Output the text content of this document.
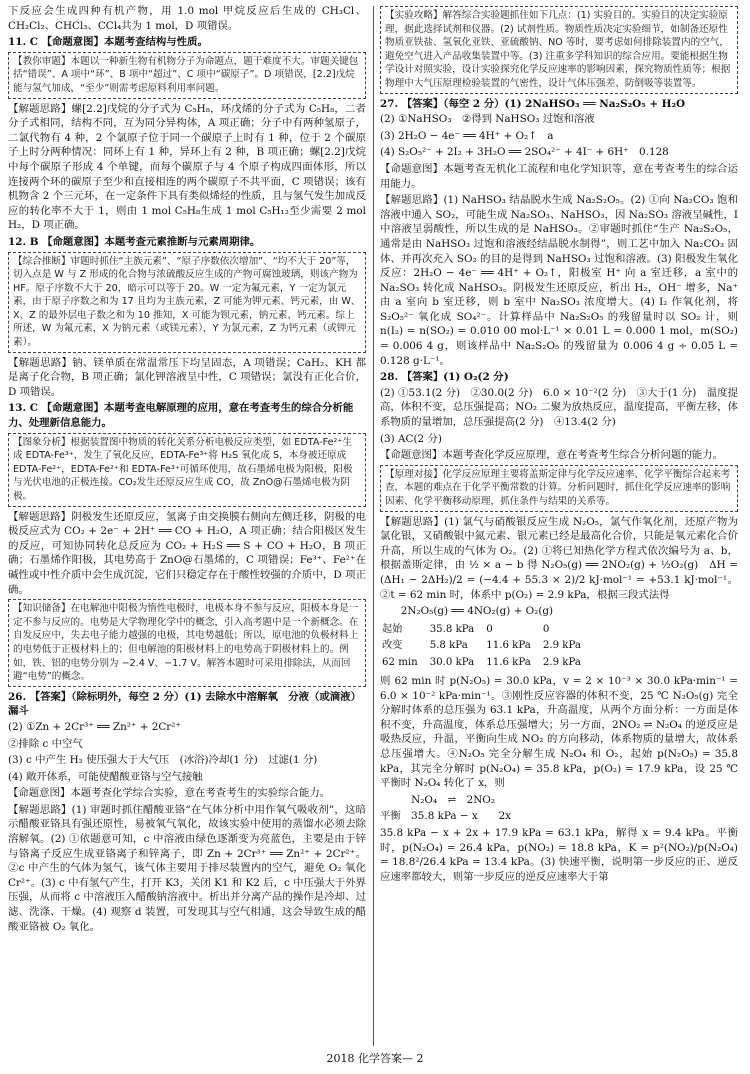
下反应会生成四种有机产物，用 1.0 mol 甲烷反应后生成的 CH₃Cl、CH₂Cl₂、CHCl₃、CCl₄共为 1 mol，D 项错误。
11. C 【命题意图】本题考查结构与性质。
【教你审题】本题以一种新生物有机物分子为命题点，题干难度不大。审题关键包括“错误”、A 项中“环”、B 项中“超过”、C 项中“碳原子”。D 项错误，[2.2]戊烷能与氢气加成，“至少”则需考虑原料利用率问题。
【解题思路】螺[2.2]戊烷的分子式为 C₅H₈，环戊烯的分子式为 C₅H₈，二者分子式相同，结构不同，互为同分异构体，A 项正确；分子中有两种氢原子，二氯代物有 4 种，2 个氯原子位于同一个碳原子上时有 1 种，位于 2 个碳原子上时分两种情况：同环上有 1 种，异环上有 2 种，B 项正确；螺[2.2]戊烷中每个碳原子形成 4 个单键，而每个碳原子与 4 个原子构成四面体形，所以连接两个环的碳原子至少和直接相连的两个碳原子不共平面，C 项错误；该有机物含 2 个三元环，在一定条件下具有类似烯烃的性质，且与氢气发生加成反应的转化率不大于 1，则由 1 mol C₅H₈生成 1 mol C₅H₁₂至少需要 2 mol H₂，D 项正确。
12. B 【命题意图】本题考查元素推断与元素周期律。
【综合推断】审题时抓住“主族元素”、“原子序数依次增加”、“均不大于 20”等，切入点是 W 与 Z 形成的化合物与浓硫酸反应生成的产物可腐蚀玻璃，则该产物为 HF。原子序数不大于 20，暗示可以等于 20。W 一定为氟元素，Y 一定为氯元素，由于原子序数之和为 17 且均为主族元素，Z 可能为钾元素、钙元素，由 W、X、Z 的最外层电子数之和为 10 推知，X 可能为钡元素，钠元素、钙元素。综上所述，W 为氟元素，X 为钠元素（或镁元素），Y 为氯元素，Z 为钙元素（或钾元素）。
【解题思路】钠、镁单质在常温常压下均呈固态，A 项错误；CaH₂、KH 都是离子化合物，B 项正确；氯化钾溶液呈中性，C 项错误；氯没有正化合价，D 项错误。
13. C 【命题意图】本题考查电解原理的应用，意在考查考生的综合分析能力、处理新信息能力。
【图象分析】根据装置图中物质的转化关系分析电极反应类型，如 EDTA-Fe²⁺生成 EDTA-Fe³⁺，发生了氧化反应，EDTA-Fe³⁺将 H₂S 氧化成 S，本身被还原成 EDTA-Fe²⁺，EDTA-Fe²⁺和 EDTA-Fe³⁺可循环使用，故石墨烯电极为阳极，阳极与光伏电池的正极连接。CO₂发生还原反应生成 CO，故 ZnO@石墨烯电极为阴极。
【解题思路】阴极发生还原反应，氢离子由交换膜右侧向左侧迁移，阴极的电极反应式为 CO₂ + 2e⁻ + 2H⁺ ══ CO + H₂O，A 项正确；结合阳极区发生的反应，可知协同转化总反应为 CO₂ + H₂S ══ S + CO + H₂O，B 项正确；石墨烯作阳极，其电势高于 ZnO@石墨烯的，C 项错误；Fe³⁺、Fe²⁺在碱性或中性介质中会生成沉淀，它们只稳定存在于酸性较强的介质中，D 项正确。
【知识储备】在电解池中阳极为惰性电极时，电极本身不参与反应，阳极本身是一定不参与反应的。电势是大学物理化学中的概念，引入高考题中是一个新概念。在自发反应中，失去电子能力越强的电极，其电势越低；所以，原电池的负极材料上的电势低于正极材料上的；但电解池的阳极材料上的电势高于阴极材料上的。例如，铁、铝的电势分别为 −2.4 V、−1.7 V。解答本题时可采用排除法，从而回避“电势”的概念。
26. 【答案】（除标明外，每空 2 分）(1) 去除水中溶解氧　分液（或滴液）漏斗
(2) ①Zn + 2Cr³⁺ ══ Zn²⁺ + 2Cr²⁺
②排除 c 中空气
(3) c 中产生 H₂ 使压强大于大气压　(冰浴)冷却(1 分)　过滤(1 分)
(4) 敞开体系，可能使醋酸亚铬与空气接触
【命题意图】本题考查化学综合实验，意在考查考生的实验综合能力。
【解题思路】(1) 审题时抓住醋酸亚铬“在气体分析中用作氧气吸收剂”，这暗示醋酸亚铬具有强还原性，易被氧气氧化，故该实验中使用的蒸馏水必须去除溶解氧。(2) ①依题意可知，c 中溶液由绿色逐渐变为亮蓝色，主要是由于锌与铬离子反应生成亚铬离子和锌离子，即 Zn + 2Cr³⁺ ══ Zn²⁺ + 2Cr²⁺。②c 中产生的气体为氢气，该气体主要用于排尽装置内的空气，避免 O₂ 氧化 Cr²⁺。(3) c 中有氢气产生，打开 K3，关闭 K1 和 K2 后，c 中压强大于外界压强，从而将 c 中溶液压入醋酸钠溶液中。析出并分离产品的操作是冷却、过滤、洗涤、干燥。(4) 观察 d 装置，可发现其与空气相通，这会导致生成的醋酸亚铬被 O₂ 氧化。
【实验攻略】解答综合实验题抓住如下几点：(1) 实验目的。实验目的决定实验原理，据此选择试剂和仪器。(2) 试剂性质。物质性质决定实验细节，如制备还原性物质亚铁盐、氢氧化亚铁、亚硫酸钠、NO 等时，要考虑如何排除装置内的空气，避免空气进入产品收集装置中等。(3) 注重多学科知识的综合应用。要能根据生物学设计对照实验，设计实验探究化学反应速率的影响因素，探究物质性质等；根据物理中大气压原理检验装置的气密性，设计气体压强差、防倒吸等装置等。
27. 【答案】（每空 2 分）(1) 2NaHSO₃ ══ Na₂S₂O₅ + H₂O
(2) ①NaHSO₃　②得到 NaHSO₃ 过饱和溶液
(3) 2H₂O − 4e⁻ ══ 4H⁺ + O₂↑　a
(4) S₂O₅²⁻ + 2I₂ + 3H₂O ══ 2SO₄²⁻ + 4I⁻ + 6H⁺　0.128
【命题意图】本题考查无机化工流程和电化学知识等，意在考查考生的综合运用能力。
【解题思路】(1) NaHSO₃ 结晶脱水生成 Na₂S₂O₅。(2) ①向 Na₂CO₃ 饱和溶液中通入 SO₂，可能生成 Na₂SO₃、NaHSO₃，因 Na₂SO₃ 溶液呈碱性，I 中溶液呈弱酸性，所以生成的是 NaHSO₃。②审题时抓住“生产 Na₂S₂O₅，通常是由 NaHSO₃ 过饱和溶液经结晶脱水制得”，则工艺中加入 Na₂CO₃ 固体、并再次充入 SO₂ 的目的是得到 NaHSO₃ 过饱和溶液。(3) 阳极发生氧化反应：2H₂O − 4e⁻ ══ 4H⁺ + O₂↑，阳极室 H⁺ 向 a 室迁移，a 室中的 Na₂SO₃ 转化成 NaHSO₃。阴极发生还原反应，析出 H₂，OH⁻ 增多，Na⁺ 由 a 室向 b 室迁移，则 b 室中 Na₂SO₃ 浓度增大。(4) I₂ 作氧化剂，将 S₂O₅²⁻ 氧化成 SO₄²⁻。计算样品中 Na₂S₂O₅ 的残留量时以 SO₂ 计，则 n(I₂) = n(SO₂) = 0.010 00 mol·L⁻¹ × 0.01 L = 0.000 1 mol，m(SO₂) = 0.006 4 g，则该样品中 Na₂S₂O₅ 的残留量为 0.006 4 g ÷ 0.05 L = 0.128 g·L⁻¹。
28. 【答案】(1) O₂(2 分)
(2) ①53.1(2 分)　②30.0(2 分)　6.0 × 10⁻²(2 分)　③大于(1 分)　温度提高，体积不变，总压强提高；NO₂ 二聚为放热反应，温度提高，平衡左移，体系物质的量增加，总压强提高(2 分)　④13.4(2 分)
(3) AC(2 分)
【命题意图】本题考查化学反应原理，意在考查考生综合分析问题的能力。
【原理对接】化学反应原理主要将盖斯定律与化学反应速率、化学平衡综合起来考查，本题的难点在于化学平衡常数的计算。分析问题时，抓住化学反应速率的影响因素、化学平衡移动原理，抓住条件与结果的关系等。
【解题思路】(1) 氯气与硝酸银反应生成 N₂O₅，氯气作氧化剂，还原产物为氯化银，又硝酸银中氮元素、银元素已经是最高化合价，只能是氧元素化合价升高，所以生成的气体为 O₂。(2) ①将已知热化学方程式依次编号为 a、b，根据盖斯定律，由 ½ × a − b 得 N₂O₅(g) ══ 2NO₂(g) + ½O₂(g)　ΔH = (ΔH₁ − 2ΔH₂)/2 = (−4.4 + 55.3 × 2)/2 kJ·mol⁻¹ = +53.1 kJ·mol⁻¹。②t = 62 min 时，体系中 p(O₂) = 2.9 kPa，根据三段式法得
　　2N₂O₅(g) ══ 4NO₂(g) + O₂(g)
起始	35.8 kPa	0	0
改变	5.8 kPa	11.6 kPa	2.9 kPa
62 min	30.0 kPa	11.6 kPa	2.9 kPa
则 62 min 时 p(N₂O₅) = 30.0 kPa，v = 2 × 10⁻³ × 30.0 kPa·min⁻¹ = 6.0 × 10⁻² kPa·min⁻¹。③刚性反应容器的体积不变，25 ℃ N₂O₅(g) 完全分解时体系的总压强为 63.1 kPa，升高温度，从两个方面分析：一方面是体积不变，升高温度，体系总压强增大；另一方面，2NO₂ ⇌ N₂O₄ 的逆反应是吸热反应，升温，平衡向生成 NO₂ 的方向移动，体系物质的量增大，故体系总压强增大。④N₂O₅ 完全分解生成 N₂O₄ 和 O₂，起始 p(N₂O₅) = 35.8 kPa，其完全分解时 p(N₂O₄) = 35.8 kPa，p(O₂) = 17.9 kPa，设 25 ℃ 平衡时 N₂O₄ 转化了 x，则
　　　N₂O₄　⇌　2NO₂
平衡　35.8 kPa − x　　2x
35.8 kPa − x + 2x + 17.9 kPa = 63.1 kPa，解得 x = 9.4 kPa。平衡时，p(N₂O₄) = 26.4 kPa，p(NO₂) = 18.8 kPa，K = p²(NO₂)/p(N₂O₄) = 18.8²/26.4 kPa = 13.4 kPa。(3) 快速平衡，说明第一步反应的正、逆反应速率都较大，则第一步反应的逆反应速率大于第
2018 化学答案— 2
